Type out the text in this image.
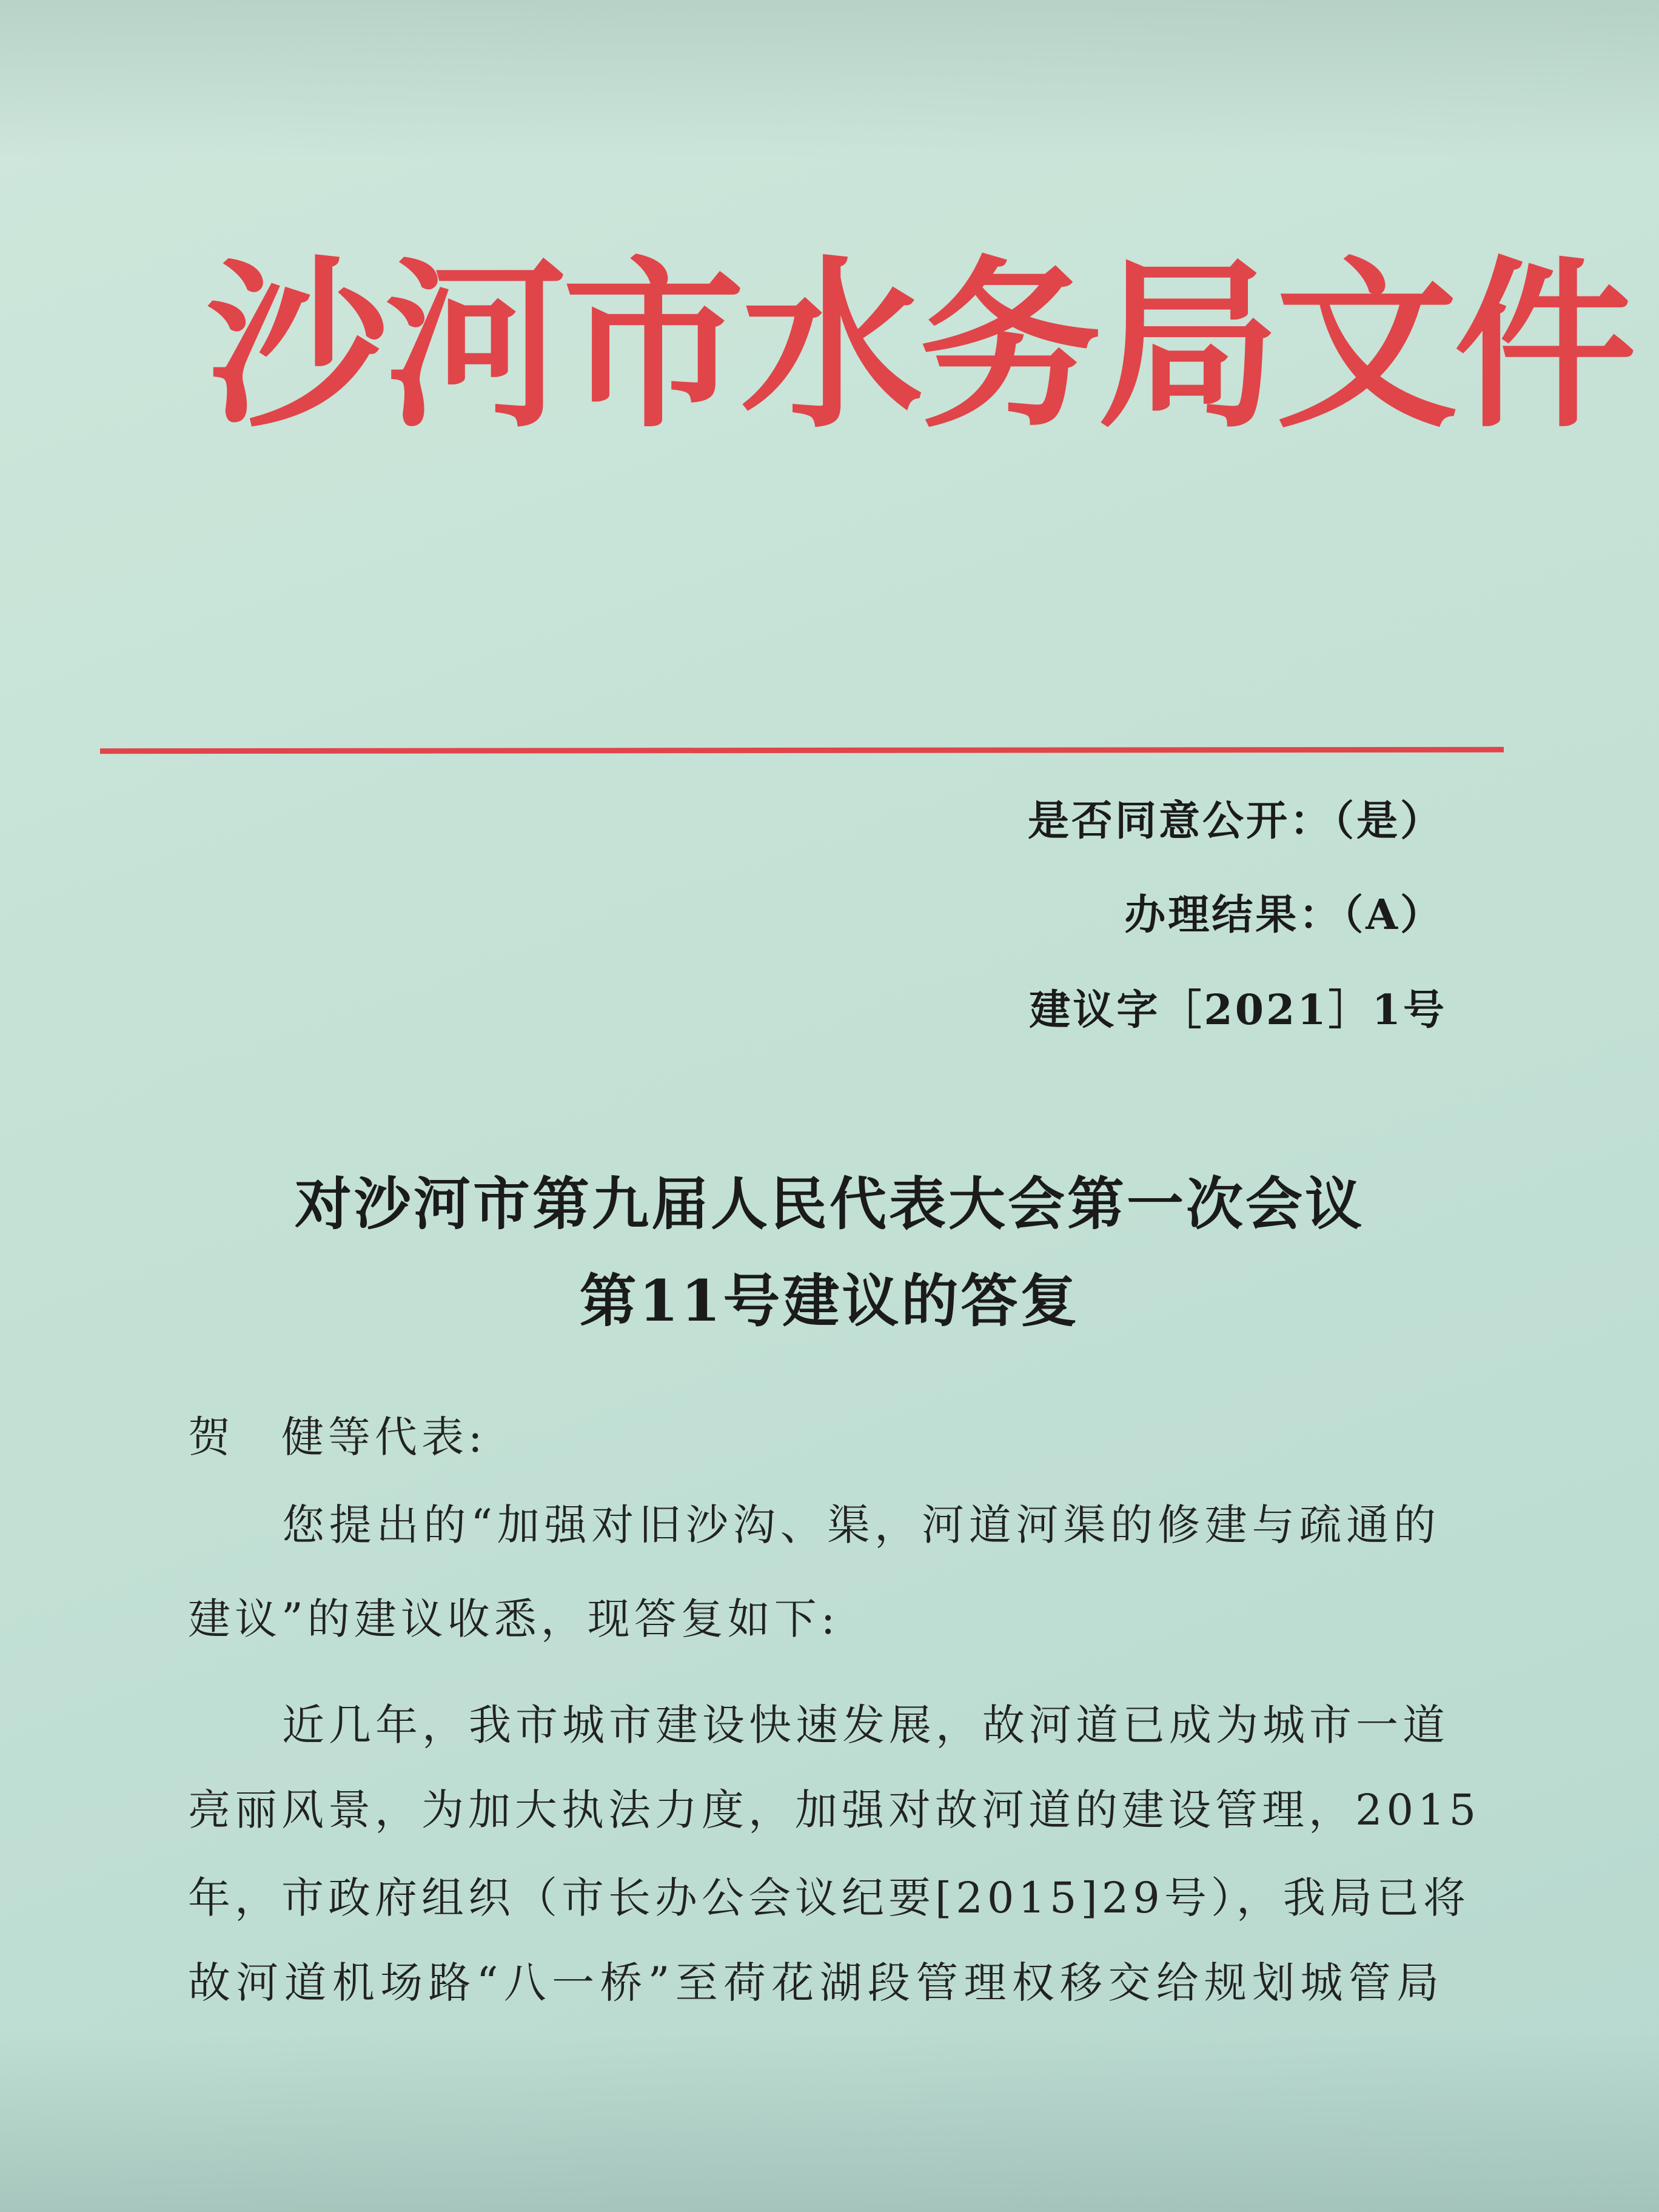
沙河市水务局文件
是否同意公开：（是）
办理结果：（A）
建议字［2021］1号
对沙河市第九届人民代表大会第一次会议
第11号建议的答复
贺　健等代表:
您提出的“加强对旧沙沟、渠，河道河渠的修建与疏通的
建议”的建议收悉，现答复如下:
近几年，我市城市建设快速发展，故河道已成为城市一道
亮丽风景，为加大执法力度，加强对故河道的建设管理，2015
年，市政府组织（市长办公会议纪要[2015]29号），我局已将
故河道机场路“八一桥”至荷花湖段管理权移交给规划城管局
